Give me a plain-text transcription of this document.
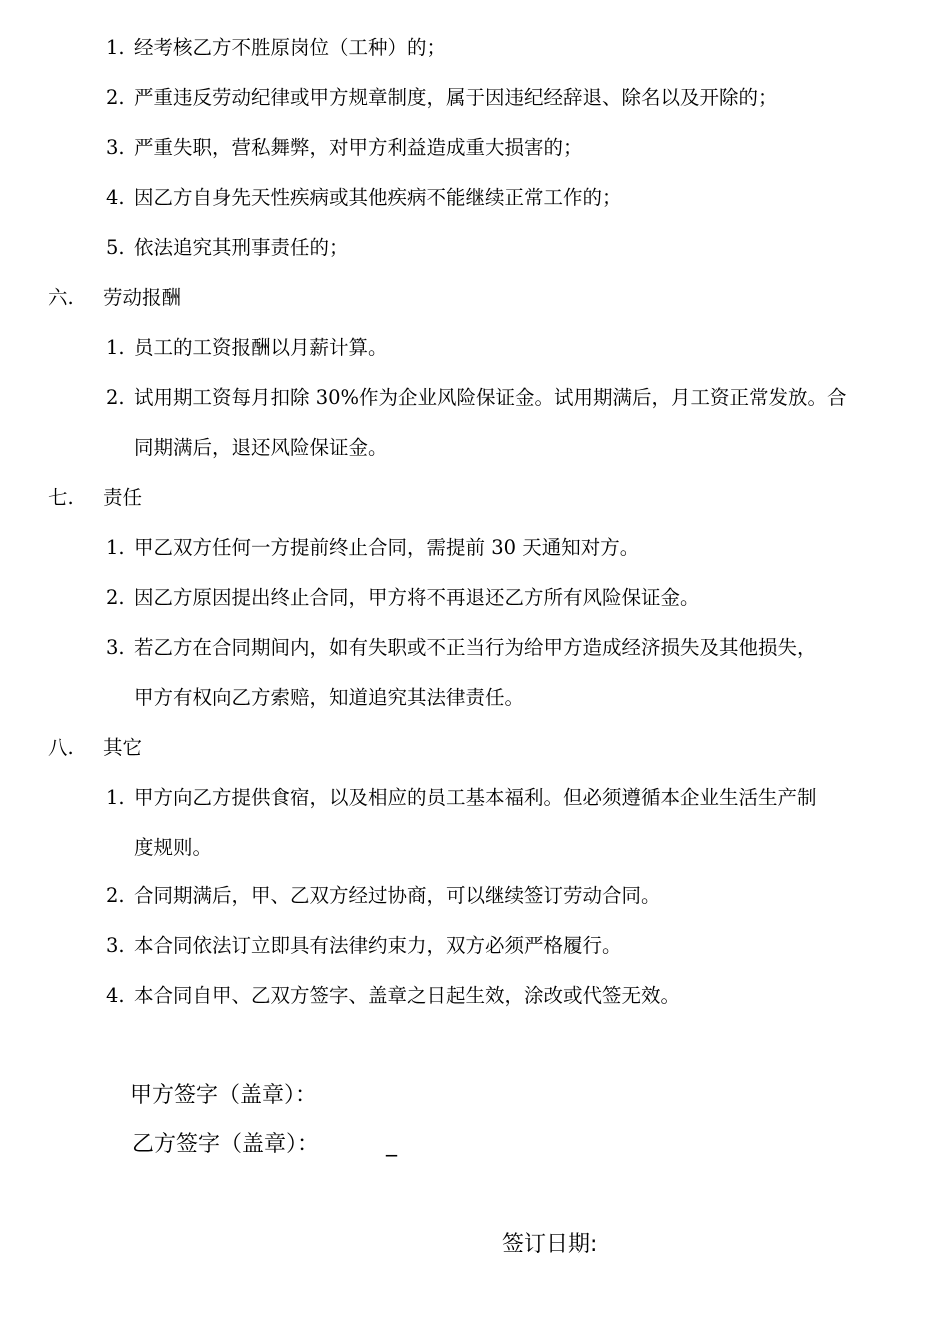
1. 经考核乙方不胜原岗位（工种）的；
2. 严重违反劳动纪律或甲方规章制度，属于因违纪经辞退、除名以及开除的；
3. 严重失职，营私舞弊，对甲方利益造成重大损害的；
4. 因乙方自身先天性疾病或其他疾病不能继续正常工作的；
5. 依法追究其刑事责任的；
六. 劳动报酬
1. 员工的工资报酬以月薪计算。
2. 试用期工资每月扣除 30%作为企业风险保证金。试用期满后，月工资正常发放。合
同期满后，退还风险保证金。
七. 责任
1. 甲乙双方任何一方提前终止合同，需提前 30 天通知对方。
2. 因乙方原因提出终止合同，甲方将不再退还乙方所有风险保证金。
3. 若乙方在合同期间内，如有失职或不正当行为给甲方造成经济损失及其他损失，
甲方有权向乙方索赔，知道追究其法律责任。
八. 其它
1. 甲方向乙方提供食宿，以及相应的员工基本福利。但必须遵循本企业生活生产制
度规则。
2. 合同期满后，甲、乙双方经过协商，可以继续签订劳动合同。
3. 本合同依法订立即具有法律约束力，双方必须严格履行。
4. 本合同自甲、乙双方签字、盖章之日起生效，涂改或代签无效。
甲方签字（盖章）：
乙方签字（盖章）：	_
签订日期:
